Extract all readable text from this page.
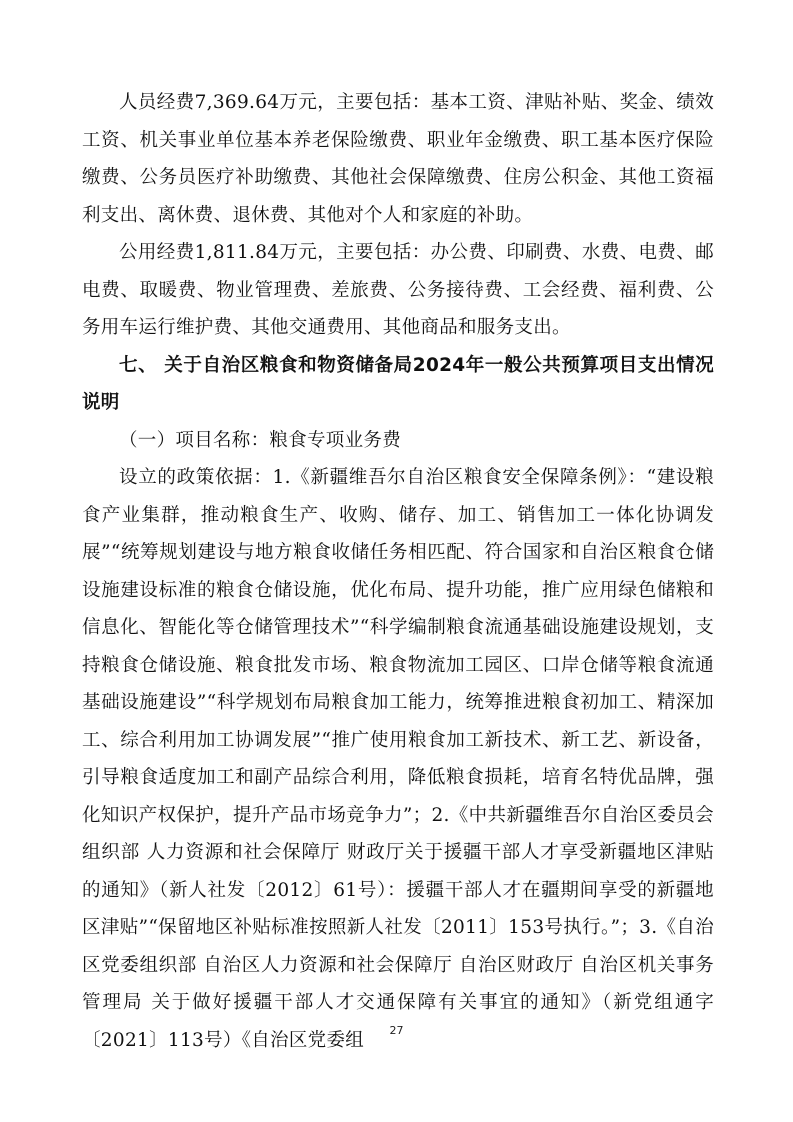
人员经费7,369.64万元，主要包括：基本工资、津贴补贴、奖金、绩效工资、机关事业单位基本养老保险缴费、职业年金缴费、职工基本医疗保险缴费、公务员医疗补助缴费、其他社会保障缴费、住房公积金、其他工资福利支出、离休费、退休费、其他对个人和家庭的补助。

公用经费1,811.84万元，主要包括：办公费、印刷费、水费、电费、邮电费、取暖费、物业管理费、差旅费、公务接待费、工会经费、福利费、公务用车运行维护费、其他交通费用、其他商品和服务支出。

七、 关于自治区粮食和物资储备局2024年一般公共预算项目支出情况说明

（一）项目名称：粮食专项业务费

设立的政策依据：1.《新疆维吾尔自治区粮食安全保障条例》：“建设粮食产业集群，推动粮食生产、收购、储存、加工、销售加工一体化协调发展”“统筹规划建设与地方粮食收储任务相匹配、符合国家和自治区粮食仓储设施建设标准的粮食仓储设施，优化布局、提升功能，推广应用绿色储粮和信息化、智能化等仓储管理技术”“科学编制粮食流通基础设施建设规划，支持粮食仓储设施、粮食批发市场、粮食物流加工园区、口岸仓储等粮食流通基础设施建设”“科学规划布局粮食加工能力，统筹推进粮食初加工、精深加工、综合利用加工协调发展”“推广使用粮食加工新技术、新工艺、新设备，引导粮食适度加工和副产品综合利用，降低粮食损耗，培育名特优品牌，强化知识产权保护，提升产品市场竞争力”；2.《中共新疆维吾尔自治区委员会组织部 人力资源和社会保障厅 财政厅关于援疆干部人才享受新疆地区津贴的通知》（新人社发〔2012〕61号）：援疆干部人才在疆期间享受的新疆地区津贴”“保留地区补贴标准按照新人社发〔2011〕153号执行。”；3.《自治区党委组织部 自治区人力资源和社会保障厅 自治区财政厅 自治区机关事务管理局 关于做好援疆干部人才交通保障有关事宜的通知》（新党组通字〔2021〕113号）《自治区党委组	27
